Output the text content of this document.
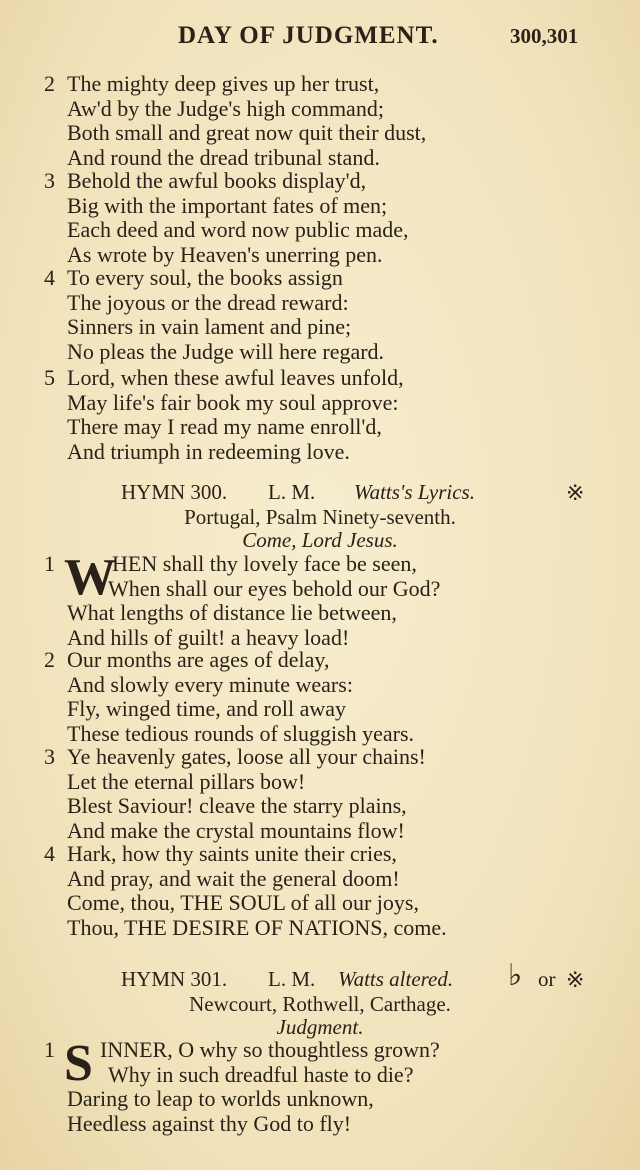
DAY OF JUDGMENT.	300,301
2 The mighty deep gives up her trust,
Aw'd by the Judge's high command;
Both small and great now quit their dust,
And round the dread tribunal stand.
3 Behold the awful books display'd,
Big with the important fates of men;
Each deed and word now public made,
As wrote by Heaven's unerring pen.
4 To every soul, the books assign
The joyous or the dread reward:
Sinners in vain lament and pine;
No pleas the Judge will here regard.
5 Lord, when these awful leaves unfold,
May life's fair book my soul approve:
There may I read my name enroll'd,
And triumph in redeeming love.
HYMN 300. L. M. Watts's Lyrics.	※
Portugal, Psalm Ninety-seventh.
Come, Lord Jesus.
W
1	HEN shall thy lovely face be seen,
When shall our eyes behold our God?
What lengths of distance lie between,
And hills of guilt! a heavy load!
2 Our months are ages of delay,
And slowly every minute wears:
Fly, winged time, and roll away
These tedious rounds of sluggish years.
3 Ye heavenly gates, loose all your chains!
Let the eternal pillars bow!
Blest Saviour! cleave the starry plains,
And make the crystal mountains flow!
4 Hark, how thy saints unite their cries,
And pray, and wait the general doom!
Come, thou, THE SOUL of all our joys,
Thou, THE DESIRE OF NATIONS, come.
HYMN 301. L. M. Watts altered. ♭ or ※
Newcourt, Rothwell, Carthage.
Judgment.
S
1 INNER, O why so thoughtless grown?
Why in such dreadful haste to die?
Daring to leap to worlds unknown,
Heedless against thy God to fly!
